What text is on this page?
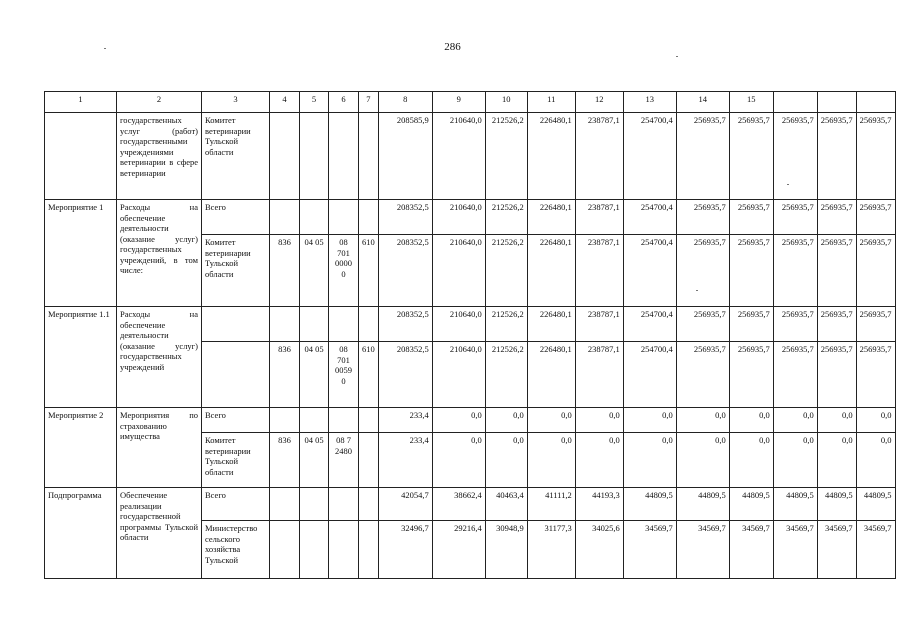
286
1	2	3	4	5	6	7	8	9	10	11	12	13	14	15			
	государственных услуг (работ) государственными учреждениями ветеринарии в сфере ветеринарии	Комитет ветеринарии Тульской области					208585,9	210640,0	212526,2	226480,1	238787,1	254700,4	256935,7	256935,7	256935,7	256935,7	256935,7
Мероприятие 1	Расходы на обеспечение деятельности (оказание услуг) государственных учреждений, в том числе:	Всего					208352,5	210640,0	212526,2	226480,1	238787,1	254700,4	256935,7	256935,7	256935,7	256935,7	256935,7
		Комитет ветеринарии Тульской области	836	04 05	08 701 0000 0	610	208352,5	210640,0	212526,2	226480,1	238787,1	254700,4	256935,7	256935,7	256935,7	256935,7	256935,7
Мероприятие 1.1	Расходы на обеспечение деятельности (оказание услуг) государственных учреждений						208352,5	210640,0	212526,2	226480,1	238787,1	254700,4	256935,7	256935,7	256935,7	256935,7	256935,7
			836	04 05	08 701 0059 0	610	208352,5	210640,0	212526,2	226480,1	238787,1	254700,4	256935,7	256935,7	256935,7	256935,7	256935,7
Мероприятие 2	Мероприятия по страхованию имущества	Всего					233,4	0,0	0,0	0,0	0,0	0,0	0,0	0,0	0,0	0,0	0,0
		Комитет ветеринарии Тульской области	836	04 05	08 7 2480		233,4	0,0	0,0	0,0	0,0	0,0	0,0	0,0	0,0	0,0	0,0
Подпрограмма	Обеспечение реализации государственной программы Тульской области	Всего					42054,7	38662,4	40463,4	41111,2	44193,3	44809,5	44809,5	44809,5	44809,5	44809,5	44809,5
		Министерство сельского хозяйства Тульской					32496,7	29216,4	30948,9	31177,3	34025,6	34569,7	34569,7	34569,7	34569,7	34569,7	34569,7
